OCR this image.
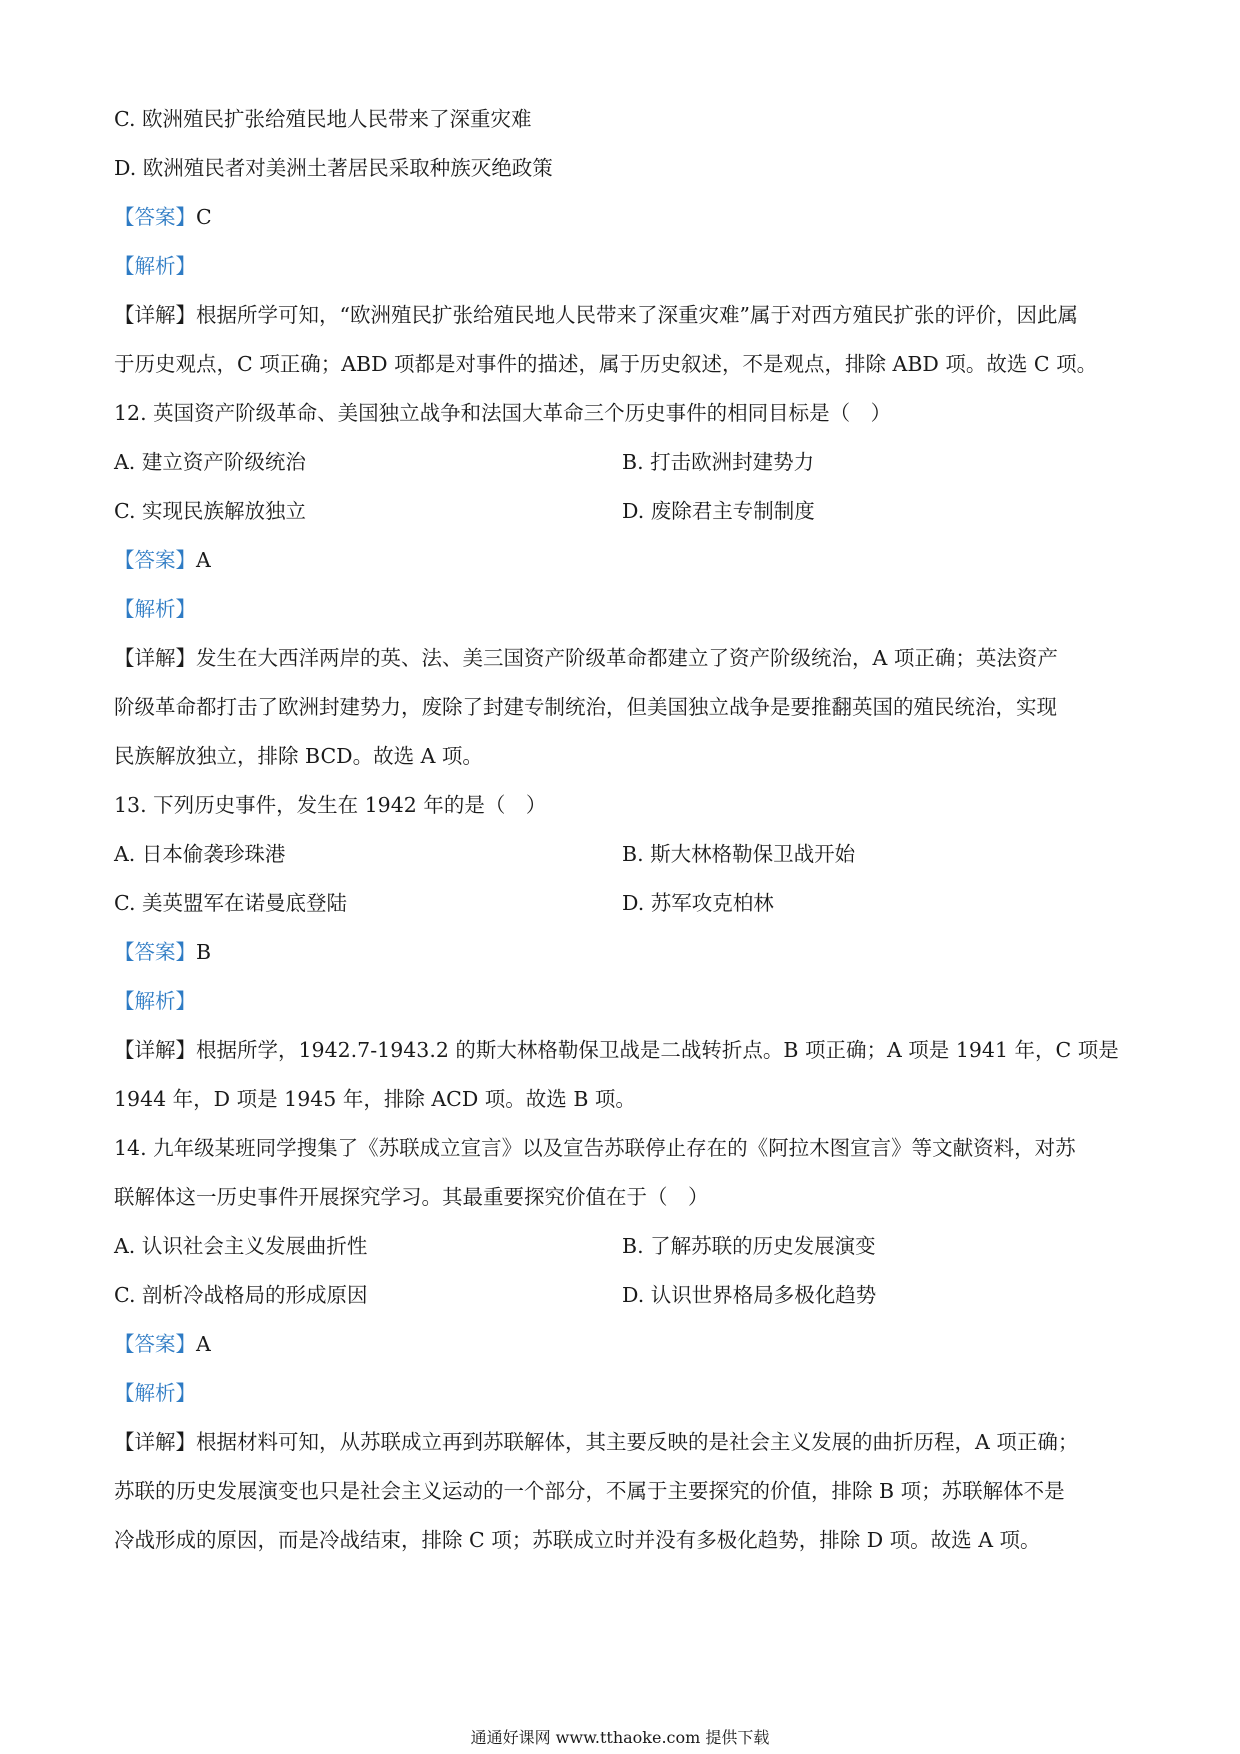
C. 欧洲殖民扩张给殖民地人民带来了深重灾难
D. 欧洲殖民者对美洲土著居民采取种族灭绝政策
【答案】C
【解析】
【详解】根据所学可知，“欧洲殖民扩张给殖民地人民带来了深重灾难”属于对西方殖民扩张的评价，因此属
于历史观点，C 项正确；ABD 项都是对事件的描述，属于历史叙述，不是观点，排除 ABD 项。故选 C 项。
12. 英国资产阶级革命、美国独立战争和法国大革命三个历史事件的相同目标是（　）
A. 建立资产阶级统治	B. 打击欧洲封建势力
C. 实现民族解放独立	D. 废除君主专制制度
【答案】A
【解析】
【详解】发生在大西洋两岸的英、法、美三国资产阶级革命都建立了资产阶级统治，A 项正确；英法资产
阶级革命都打击了欧洲封建势力，废除了封建专制统治，但美国独立战争是要推翻英国的殖民统治，实现
民族解放独立，排除 BCD。故选 A 项。
13. 下列历史事件，发生在 1942 年的是（　）
A. 日本偷袭珍珠港	B. 斯大林格勒保卫战开始
C. 美英盟军在诺曼底登陆	D. 苏军攻克柏林
【答案】B
【解析】
【详解】根据所学，1942.7-1943.2 的斯大林格勒保卫战是二战转折点。B 项正确；A 项是 1941 年，C 项是
1944 年，D 项是 1945 年，排除 ACD 项。故选 B 项。
14. 九年级某班同学搜集了《苏联成立宣言》以及宣告苏联停止存在的《阿拉木图宣言》等文献资料，对苏
联解体这一历史事件开展探究学习。其最重要探究价值在于（　）
A. 认识社会主义发展曲折性	B. 了解苏联的历史发展演变
C. 剖析冷战格局的形成原因	D. 认识世界格局多极化趋势
【答案】A
【解析】
【详解】根据材料可知，从苏联成立再到苏联解体，其主要反映的是社会主义发展的曲折历程，A 项正确；
苏联的历史发展演变也只是社会主义运动的一个部分，不属于主要探究的价值，排除 B 项；苏联解体不是
冷战形成的原因，而是冷战结束，排除 C 项；苏联成立时并没有多极化趋势，排除 D 项。故选 A 项。
通通好课网 www.tthaoke.com 提供下载
